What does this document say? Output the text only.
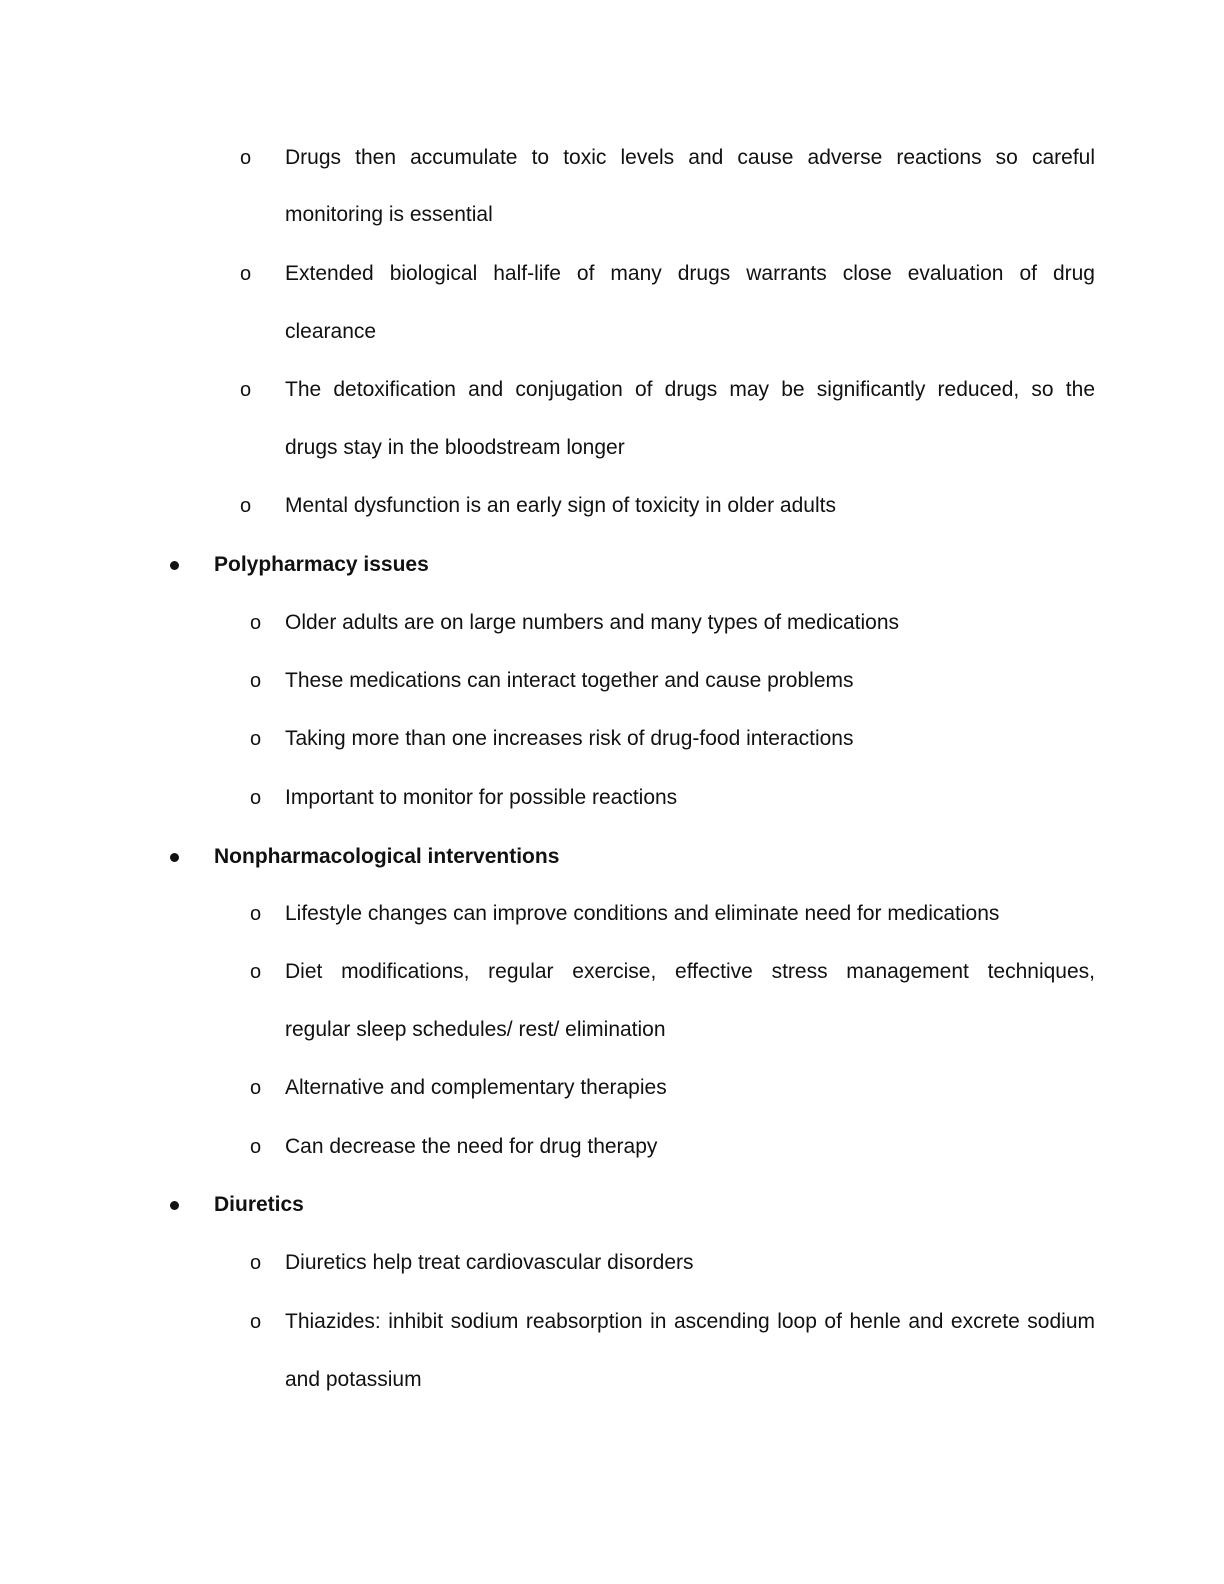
o Drugs then accumulate to toxic levels and cause adverse reactions so careful
monitoring is essential
o Extended biological half-life of many drugs warrants close evaluation of drug
clearance
o The detoxification and conjugation of drugs may be significantly reduced, so the
drugs stay in the bloodstream longer
o Mental dysfunction is an early sign of toxicity in older adults
Polypharmacy issues
o Older adults are on large numbers and many types of medications
o These medications can interact together and cause problems
o Taking more than one increases risk of drug-food interactions
o Important to monitor for possible reactions
Nonpharmacological interventions
o Lifestyle changes can improve conditions and eliminate need for medications
o Diet modifications, regular exercise, effective stress management techniques,
regular sleep schedules/ rest/ elimination
o Alternative and complementary therapies
o Can decrease the need for drug therapy
Diuretics
o Diuretics help treat cardiovascular disorders
o Thiazides: inhibit sodium reabsorption in ascending loop of henle and excrete sodium
and potassium
